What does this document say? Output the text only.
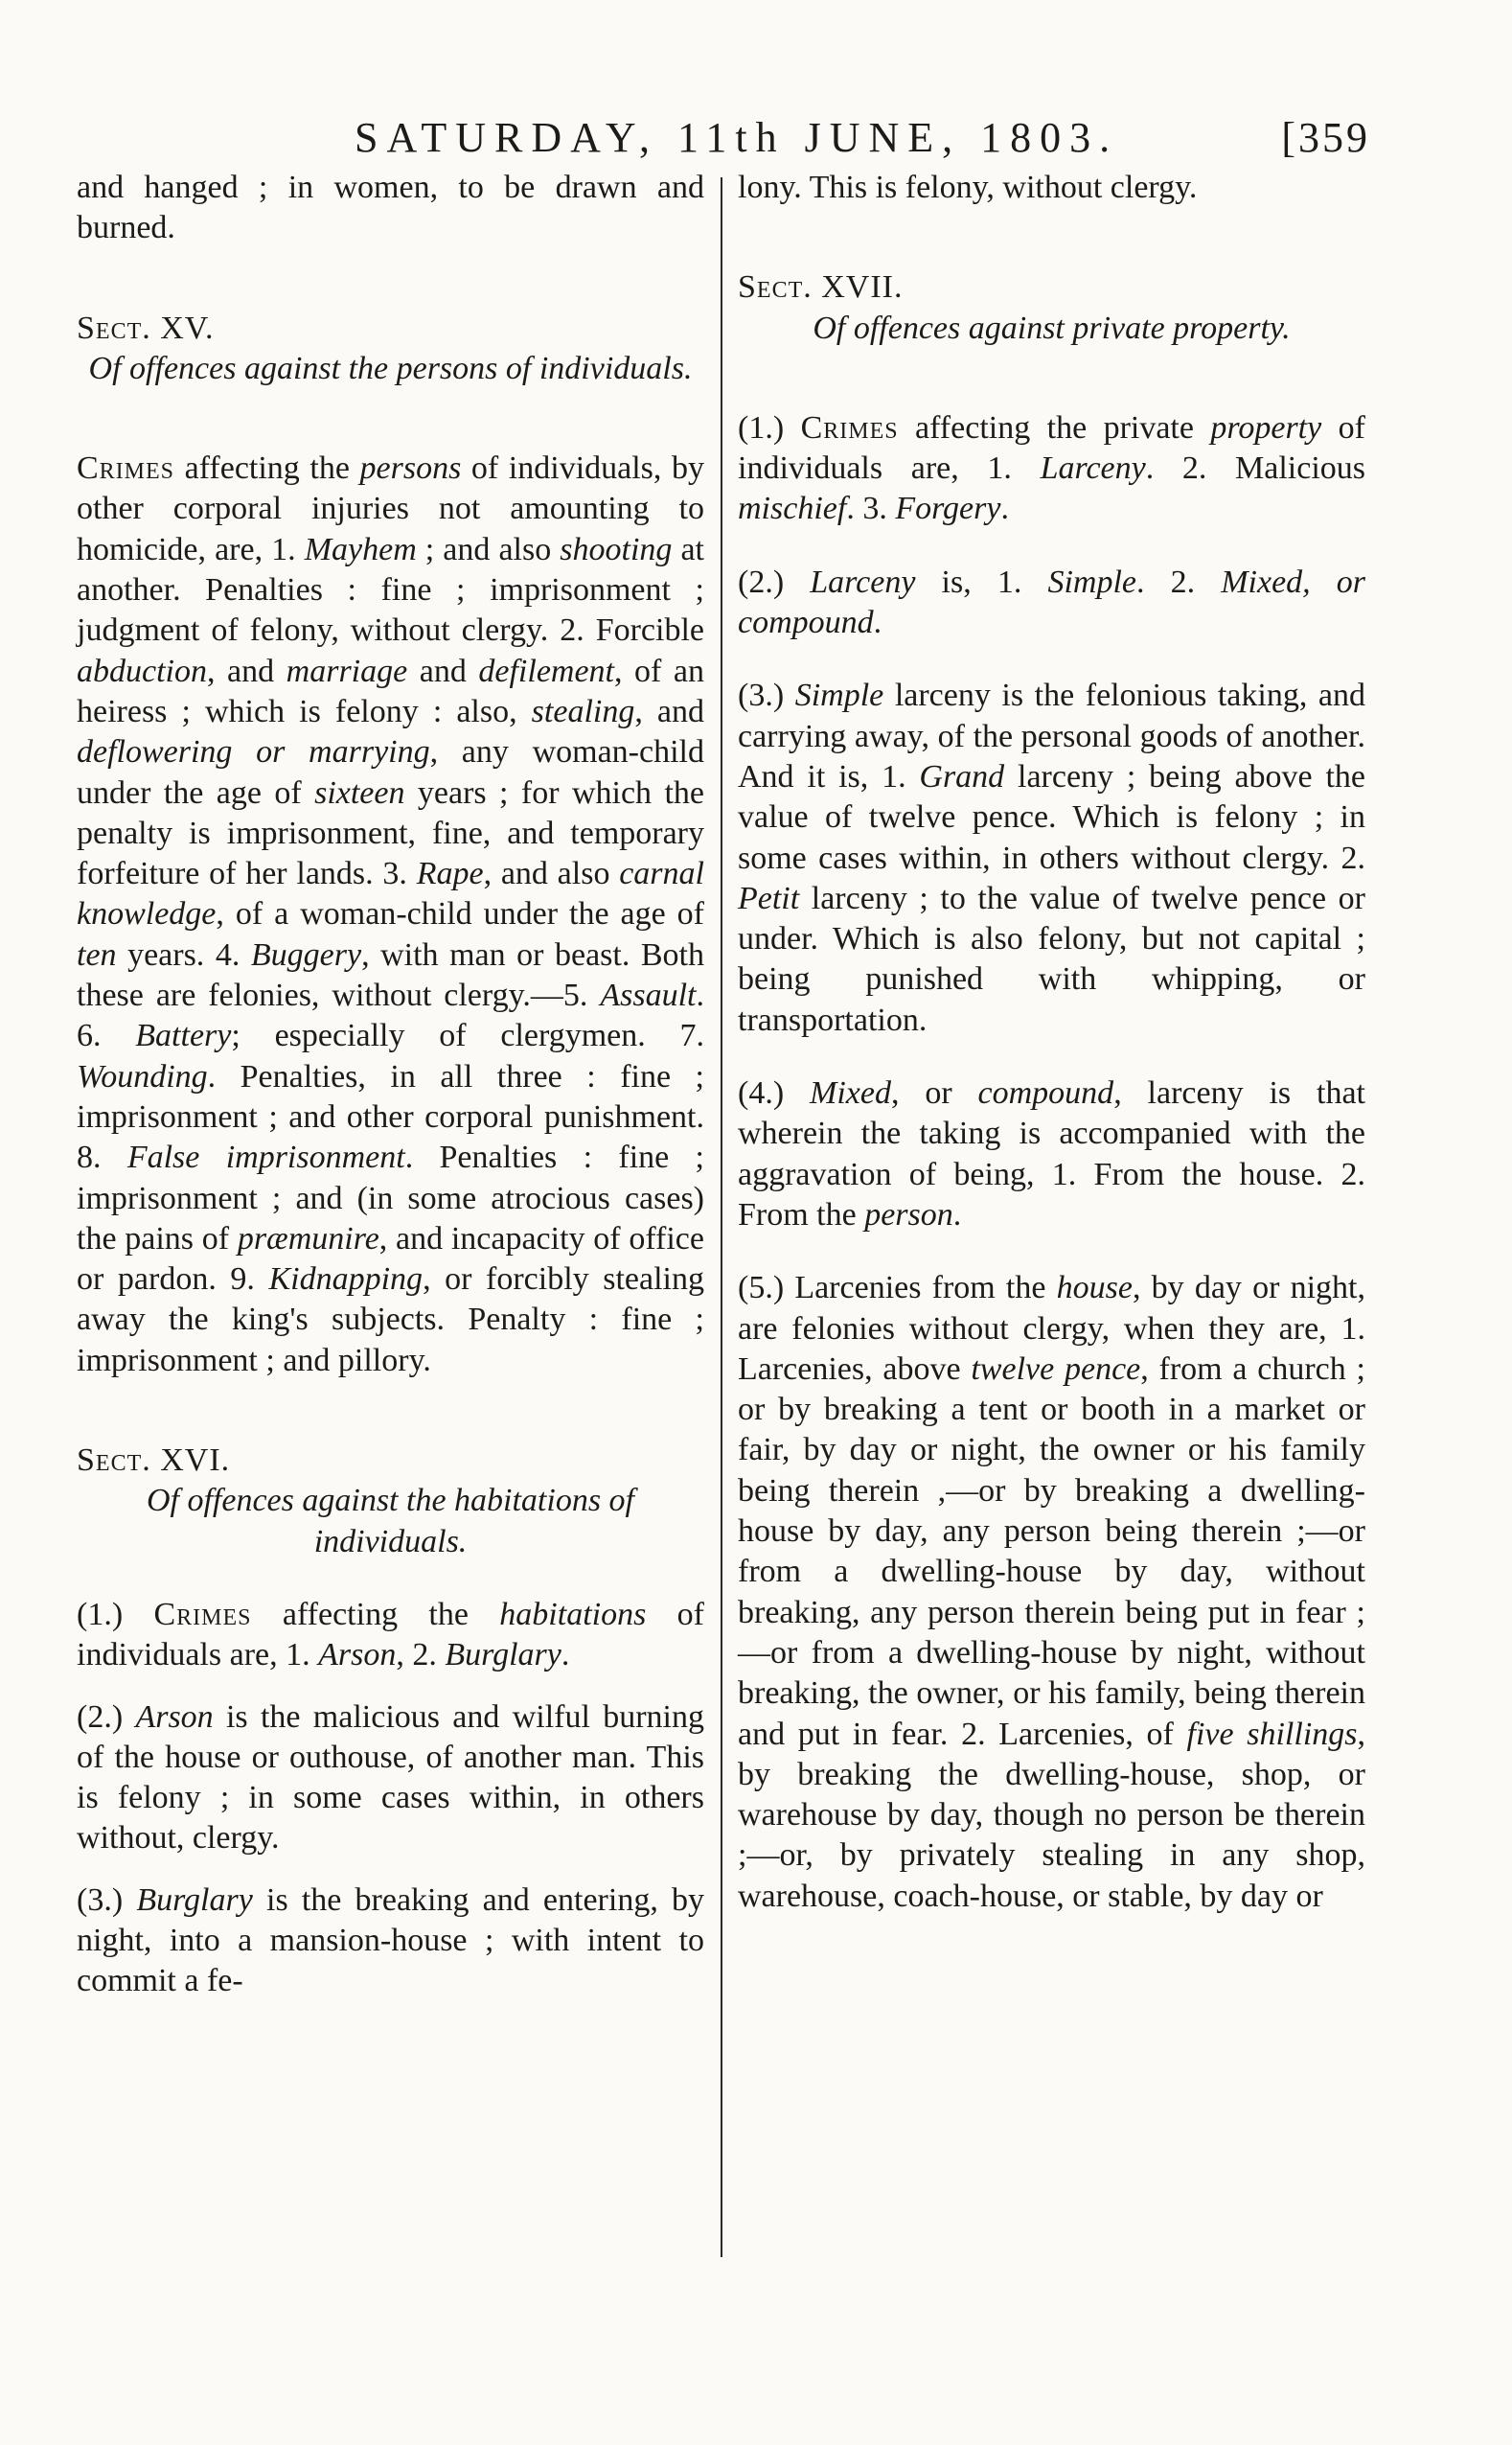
SATURDAY, 11th JUNE, 1803.	[359

and hanged ; in women, to be drawn and burned.

Sect. XV.
Of offences against the persons of individuals.

Crimes affecting the persons of individuals, by other corporal injuries not amounting to homicide, are, 1. Mayhem ; and also shooting at another. Penalties : fine ; imprisonment ; judgment of felony, without clergy. 2. Forcible abduction, and marriage and defilement, of an heiress ; which is felony : also, stealing, and deflowering or marrying, any woman-child under the age of sixteen years ; for which the penalty is imprisonment, fine, and temporary forfeiture of her lands. 3. Rape, and also carnal knowledge, of a woman-child under the age of ten years. 4. Buggery, with man or beast. Both these are felonies, without clergy.—5. Assault. 6. Battery; especially of clergymen. 7. Wounding. Penalties, in all three : fine ; imprisonment ; and other corporal punishment. 8. False imprisonment. Penalties : fine ; imprisonment ; and (in some atrocious cases) the pains of præmunire, and incapacity of office or pardon. 9. Kidnapping, or forcibly stealing away the king's subjects. Penalty : fine ; imprisonment ; and pillory.

Sect. XVI.
Of offences against the habitations of individuals.

(1.) Crimes affecting the habitations of individuals are, 1. Arson, 2. Burglary.

(2.) Arson is the malicious and wilful burning of the house or outhouse, of another man. This is felony ; in some cases within, in others without, clergy.

(3.) Burglary is the breaking and entering, by night, into a mansion-house ; with intent to commit a fe-

lony. This is felony, without clergy.

Sect. XVII.
Of offences against private property.

(1.) Crimes affecting the private property of individuals are, 1. Larceny. 2. Malicious mischief. 3. Forgery.

(2.) Larceny is, 1. Simple. 2. Mixed, or compound.

(3.) Simple larceny is the felonious taking, and carrying away, of the personal goods of another. And it is, 1. Grand larceny ; being above the value of twelve pence. Which is felony ; in some cases within, in others without clergy. 2. Petit larceny ; to the value of twelve pence or under. Which is also felony, but not capital ; being punished with whipping, or transportation.

(4.) Mixed, or compound, larceny is that wherein the taking is accompanied with the aggravation of being, 1. From the house. 2. From the person.

(5.) Larcenies from the house, by day or night, are felonies without clergy, when they are, 1. Larcenies, above twelve pence, from a church ; or by breaking a tent or booth in a market or fair, by day or night, the owner or his family being therein ,—or by breaking a dwelling-house by day, any person being therein ;—or from a dwelling-house by day, without breaking, any person therein being put in fear ;—or from a dwelling-house by night, without breaking, the owner, or his family, being therein and put in fear. 2. Larcenies, of five shillings, by breaking the dwelling-house, shop, or warehouse by day, though no person be therein ;—or, by privately stealing in any shop, warehouse, coach-house, or stable, by day or
